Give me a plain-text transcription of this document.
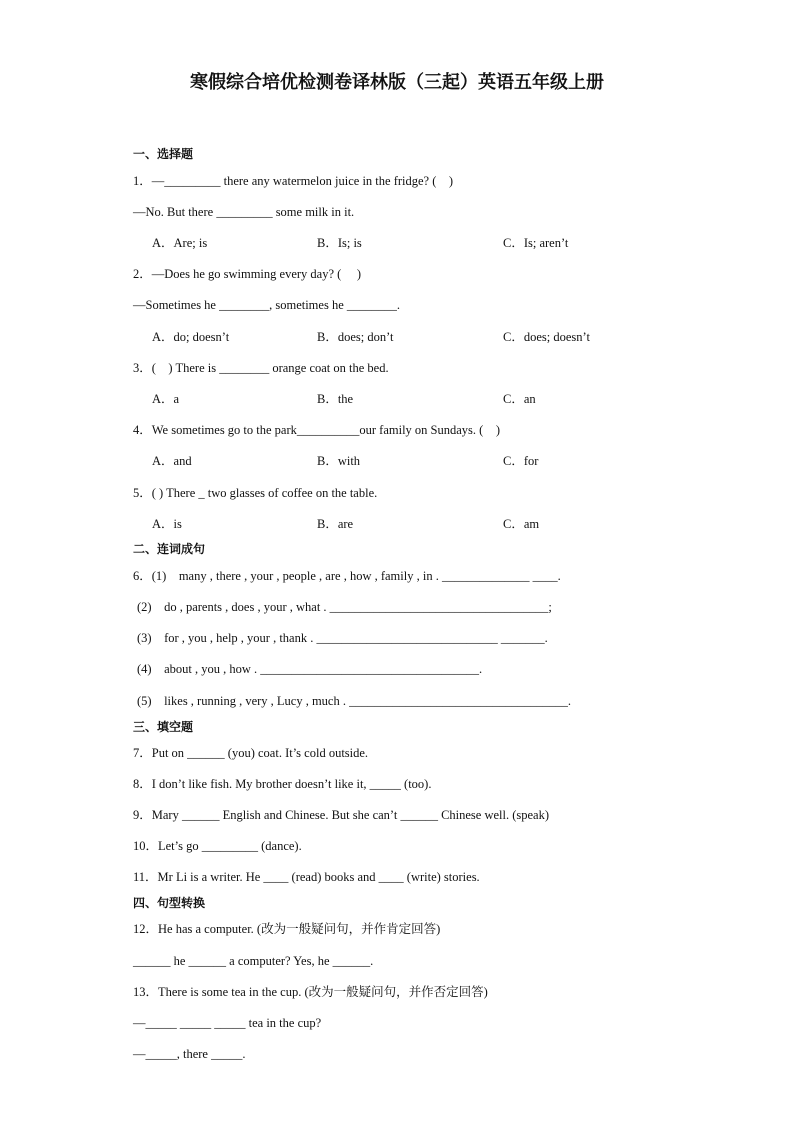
寒假综合培优检测卷译林版（三起）英语五年级上册
一、选择题
1．—_________ there any watermelon juice in the fridge? (　)
—No. But there _________ some milk in it.
A．Are; is	B．Is; is	C．Is; aren’t
2．—Does he go swimming every day? (　 )
—Sometimes he ________, sometimes he ________.
A．do; doesn’t	B．does; don’t	C．does; doesn’t
3．(　) There is ________ orange coat on the bed.
A．a	B．the	C．an
4．We sometimes go to the park__________our family on Sundays. (　)
A．and	B．with	C．for
5．( ) There _ two glasses of coffee on the table.
A．is	B．are	C．am
二、连词成句
6．(1)　many , there , your , people , are , how , family , in . ______________ ____.
(2)　do , parents , does , your , what . ___________________________________;
(3)　for , you , help , your , thank . _____________________________ _______.
(4)　about , you , how . ___________________________________.
(5)　likes , running , very , Lucy , much . ___________________________________.
三、填空题
7．Put on ______ (you) coat. It’s cold outside.
8．I don’t like fish. My brother doesn’t like it, _____ (too).
9．Mary ______ English and Chinese. But she can’t ______ Chinese well. (speak)
10．Let’s go _________ (dance).
11．Mr Li is a writer. He ____ (read) books and ____ (write) stories.
四、句型转换
12．He has a computer. (改为一般疑问句，并作肯定回答)
______ he ______ a computer? Yes, he ______.
13．There is some tea in the cup. (改为一般疑问句，并作否定回答)
—_____ _____ _____ tea in the cup?
—_____, there _____.
